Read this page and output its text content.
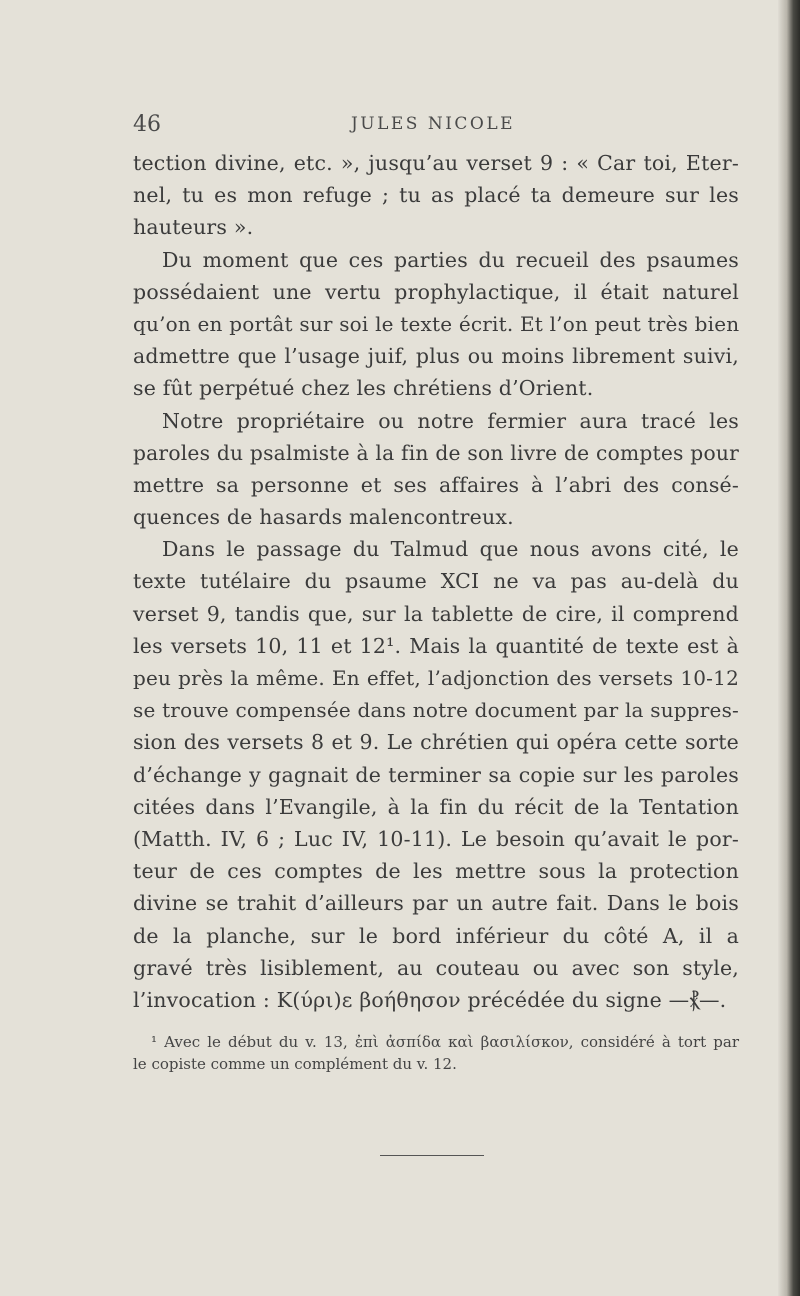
46	JULES NICOLE
tection divine, etc. », jusqu’au verset 9 : « Car toi, Eter-
nel, tu es mon refuge ; tu as placé ta demeure sur les
hauteurs ».
Du moment que ces parties du recueil des psaumes
possédaient une vertu prophylactique, il était naturel
qu’on en portât sur soi le texte écrit. Et l’on peut très bien
admettre que l’usage juif, plus ou moins librement suivi,
se fût perpétué chez les chrétiens d’Orient.
Notre propriétaire ou notre fermier aura tracé les
paroles du psalmiste à la fin de son livre de comptes pour
mettre sa personne et ses affaires à l’abri des consé-
quences de hasards malencontreux.
Dans le passage du Talmud que nous avons cité, le
texte tutélaire du psaume XCI ne va pas au-delà du
verset 9, tandis que, sur la tablette de cire, il comprend
les versets 10, 11 et 12¹. Mais la quantité de texte est à
peu près la même. En effet, l’adjonction des versets 10-12
se trouve compensée dans notre document par la suppres-
sion des versets 8 et 9. Le chrétien qui opéra cette sorte
d’échange y gagnait de terminer sa copie sur les paroles
citées dans l’Evangile, à la fin du récit de la Tentation
(Matth. IV, 6 ; Luc IV, 10-11). Le besoin qu’avait le por-
teur de ces comptes de les mettre sous la protection
divine se trahit d’ailleurs par un autre fait. Dans le bois
de la planche, sur le bord inférieur du côté A, il a
gravé très lisiblement, au couteau ou avec son style,
l’invocation : Κ(ύρι)ε βοήθησον précédée du signe —⳩—.
¹ Avec le début du v. 13, ἐπὶ ἀσπίδα καὶ βασιλίσκον, considéré à tort par
le copiste comme un complément du v. 12.
